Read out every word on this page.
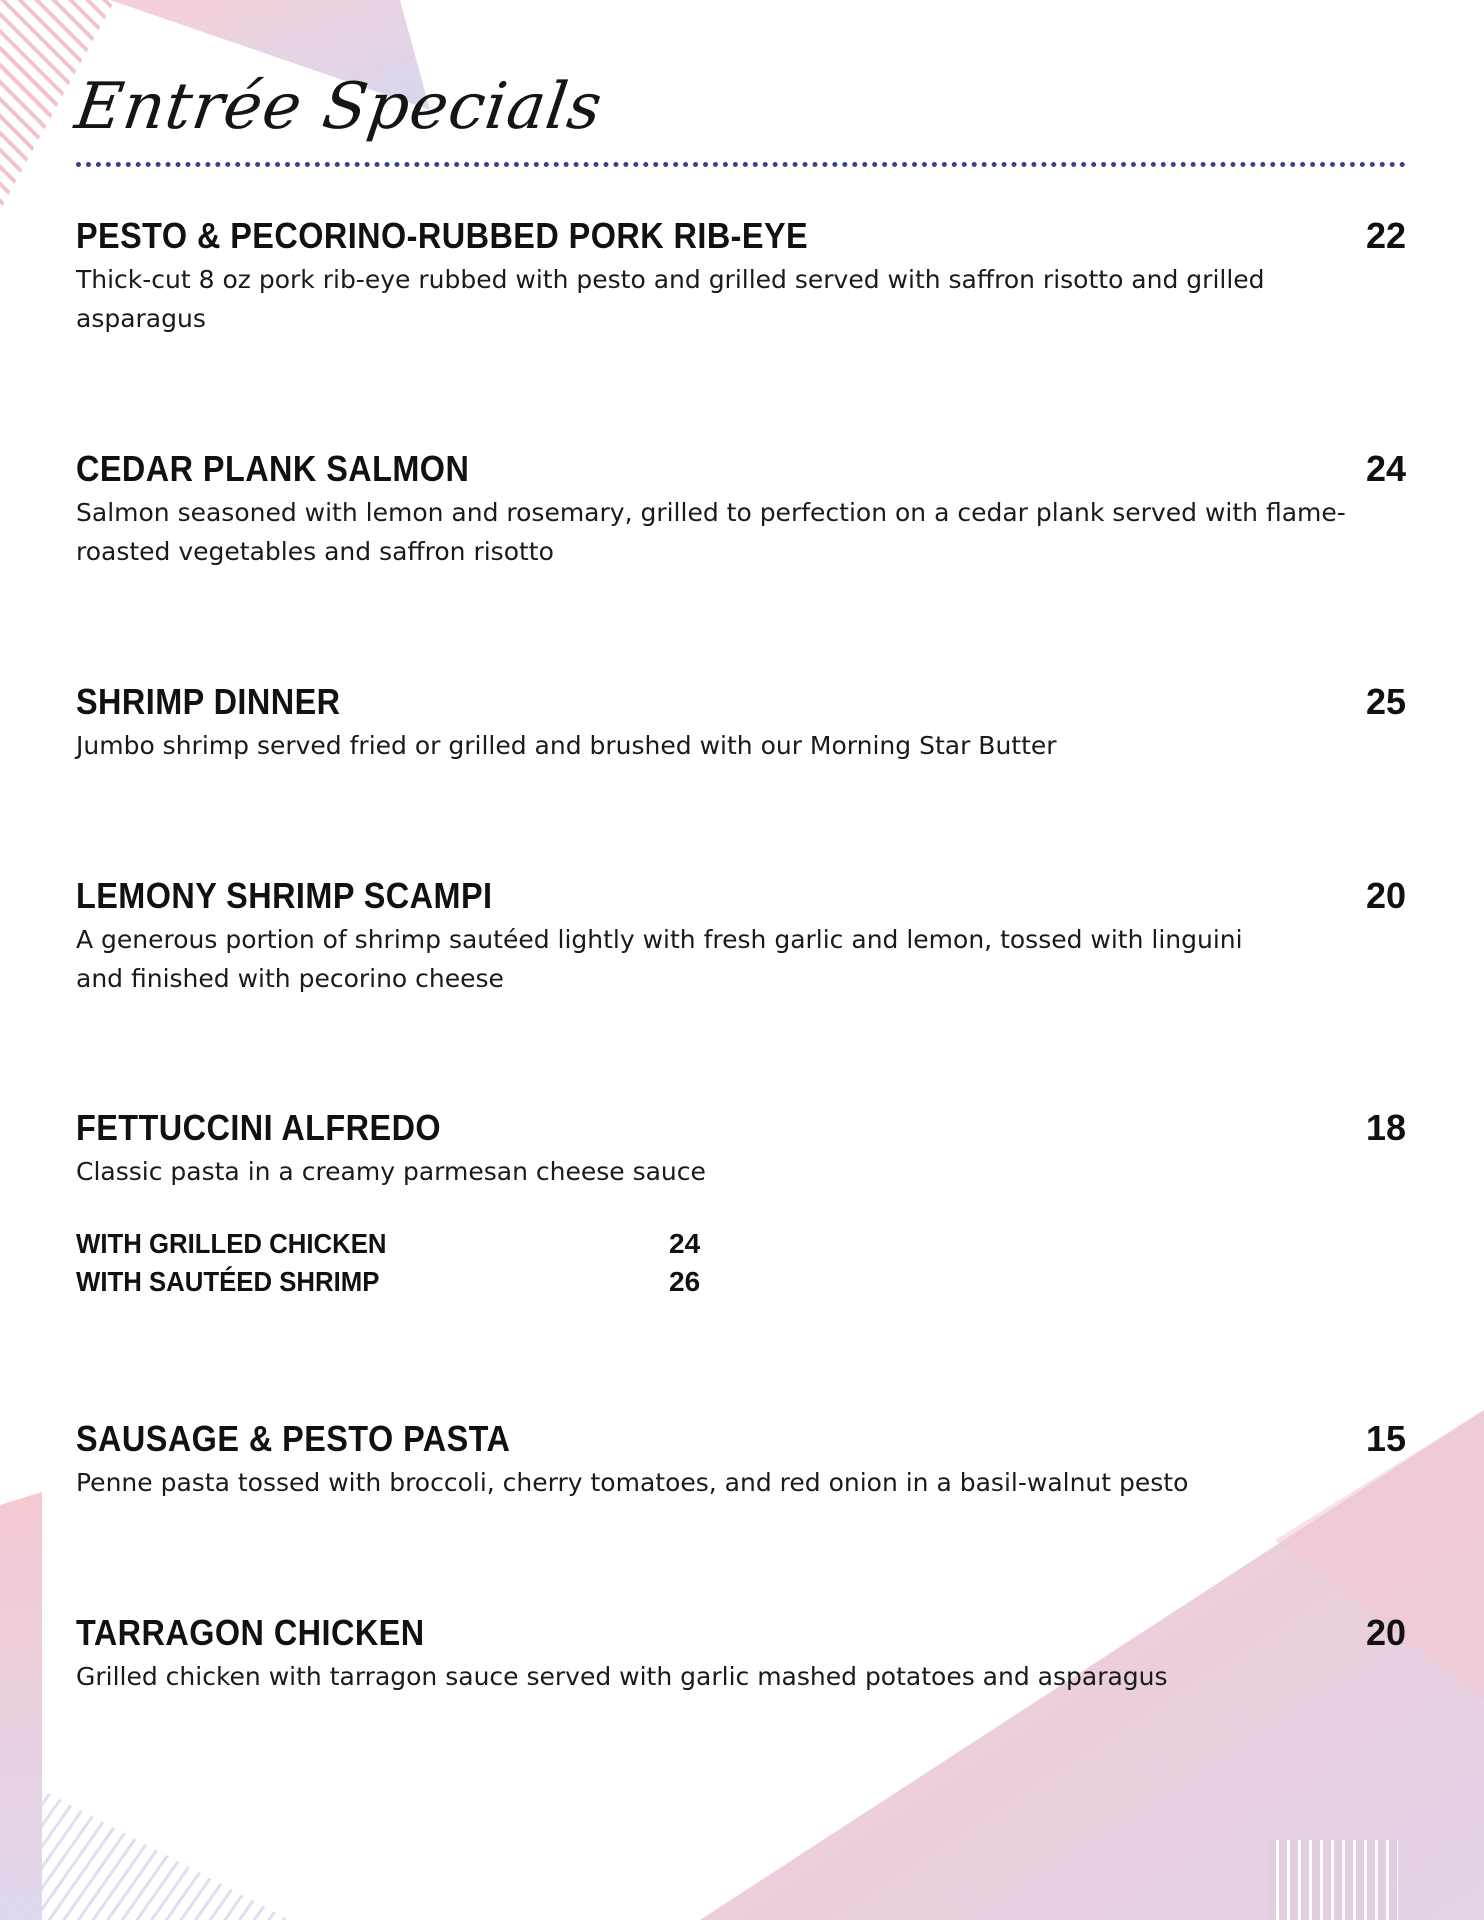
Entrée Specials
PESTO & PECORINO-RUBBED PORK RIB-EYE	22

Thick-cut 8 oz pork rib-eye rubbed with pesto and grilled served with saffron risotto and grilled asparagus

CEDAR PLANK SALMON	24

Salmon seasoned with lemon and rosemary, grilled to perfection on a cedar plank served with flame-roasted vegetables and saffron risotto

SHRIMP DINNER	25

Jumbo shrimp served fried or grilled and brushed with our Morning Star Butter

LEMONY SHRIMP SCAMPI	20

A generous portion of shrimp sautéed lightly with fresh garlic and lemon, tossed with linguini and finished with pecorino cheese

FETTUCCINI ALFREDO	18

Classic pasta in a creamy parmesan cheese sauce

WITH GRILLED CHICKEN	24
WITH SAUTÉED SHRIMP	26
SAUSAGE & PESTO PASTA	15

Penne pasta tossed with broccoli, cherry tomatoes, and red onion in a basil-walnut pesto

TARRAGON CHICKEN	20

Grilled chicken with tarragon sauce served with garlic mashed potatoes and asparagus
